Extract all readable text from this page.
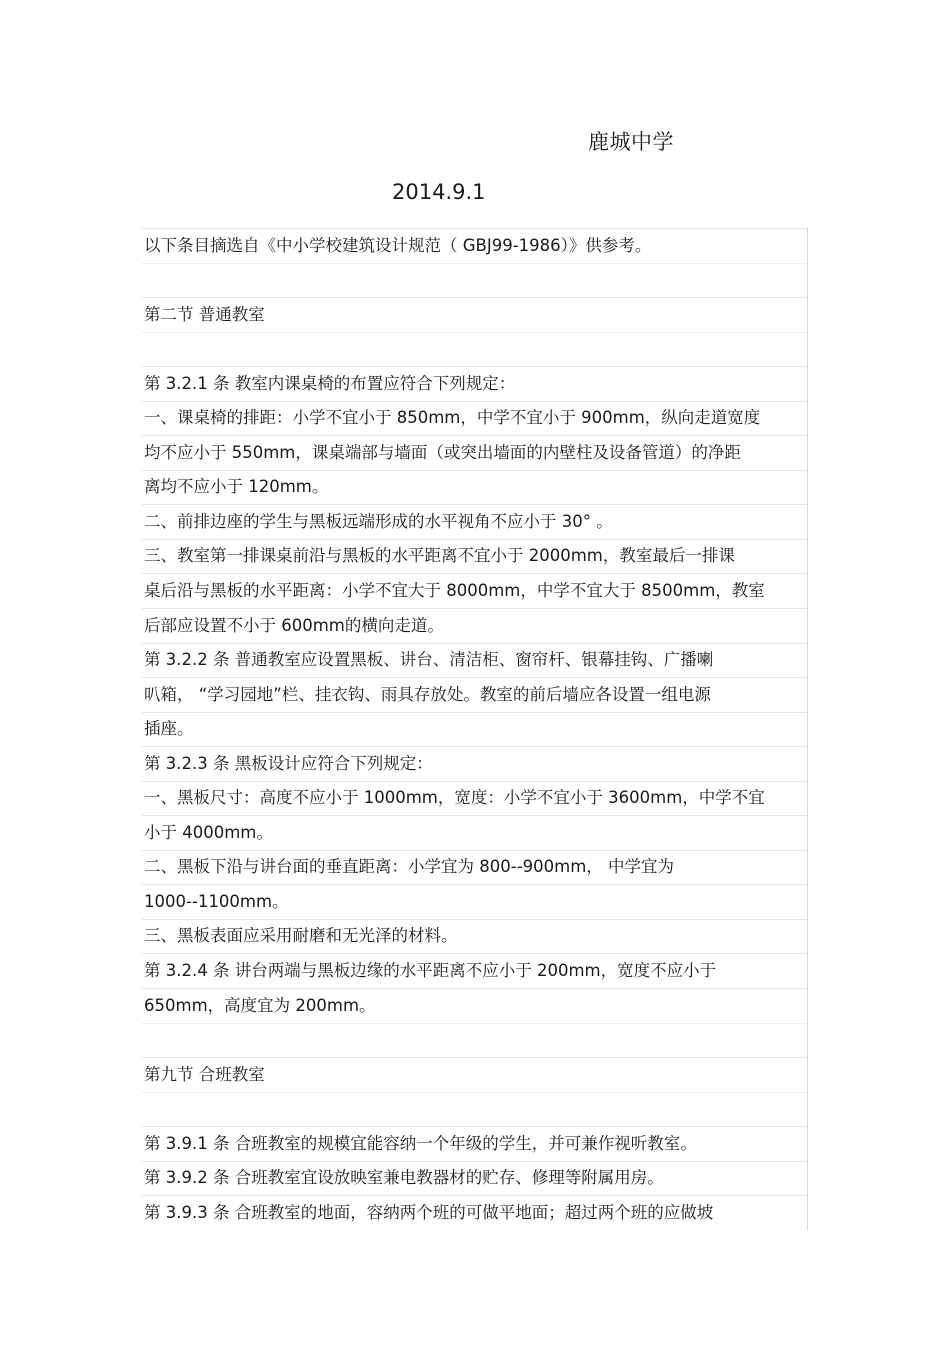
鹿城中学
2014.9.1
以下条目摘选自《中小学校建筑设计规范（ GBJ99-1986）》供参考。
第二节 普通教室
第 3.2.1 条 教室内课桌椅的布置应符合下列规定：
一、课桌椅的排距：小学不宜小于 850mm，中学不宜小于 900mm，纵向走道宽度
均不应小于 550mm，课桌端部与墙面（或突出墙面的内壁柱及设备管道）的净距
离均不应小于 120mm。
二、前排边座的学生与黑板远端形成的水平视角不应小于 30° 。
三、教室第一排课桌前沿与黑板的水平距离不宜小于 2000mm，教室最后一排课
桌后沿与黑板的水平距离：小学不宜大于 8000mm，中学不宜大于 8500mm，教室
后部应设置不小于 600mm的横向走道。
第 3.2.2 条 普通教室应设置黑板、讲台、清洁柜、窗帘杆、银幕挂钩、广播喇
叭箱， “学习园地”栏、挂衣钩、雨具存放处。教室的前后墙应各设置一组电源
插座。
第 3.2.3 条 黑板设计应符合下列规定：
一、黑板尺寸：高度不应小于 1000mm，宽度：小学不宜小于 3600mm，中学不宜
小于 4000mm。
二、黑板下沿与讲台面的垂直距离：小学宜为 800--900mm， 中学宜为
1000--1100mm。
三、黑板表面应采用耐磨和无光泽的材料。
第 3.2.4 条 讲台两端与黑板边缘的水平距离不应小于 200mm，宽度不应小于
650mm，高度宜为 200mm。
第九节 合班教室
第 3.9.1 条 合班教室的规模宜能容纳一个年级的学生，并可兼作视听教室。
第 3.9.2 条 合班教室宜设放映室兼电教器材的贮存、修理等附属用房。
第 3.9.3 条 合班教室的地面，容纳两个班的可做平地面；超过两个班的应做坡
